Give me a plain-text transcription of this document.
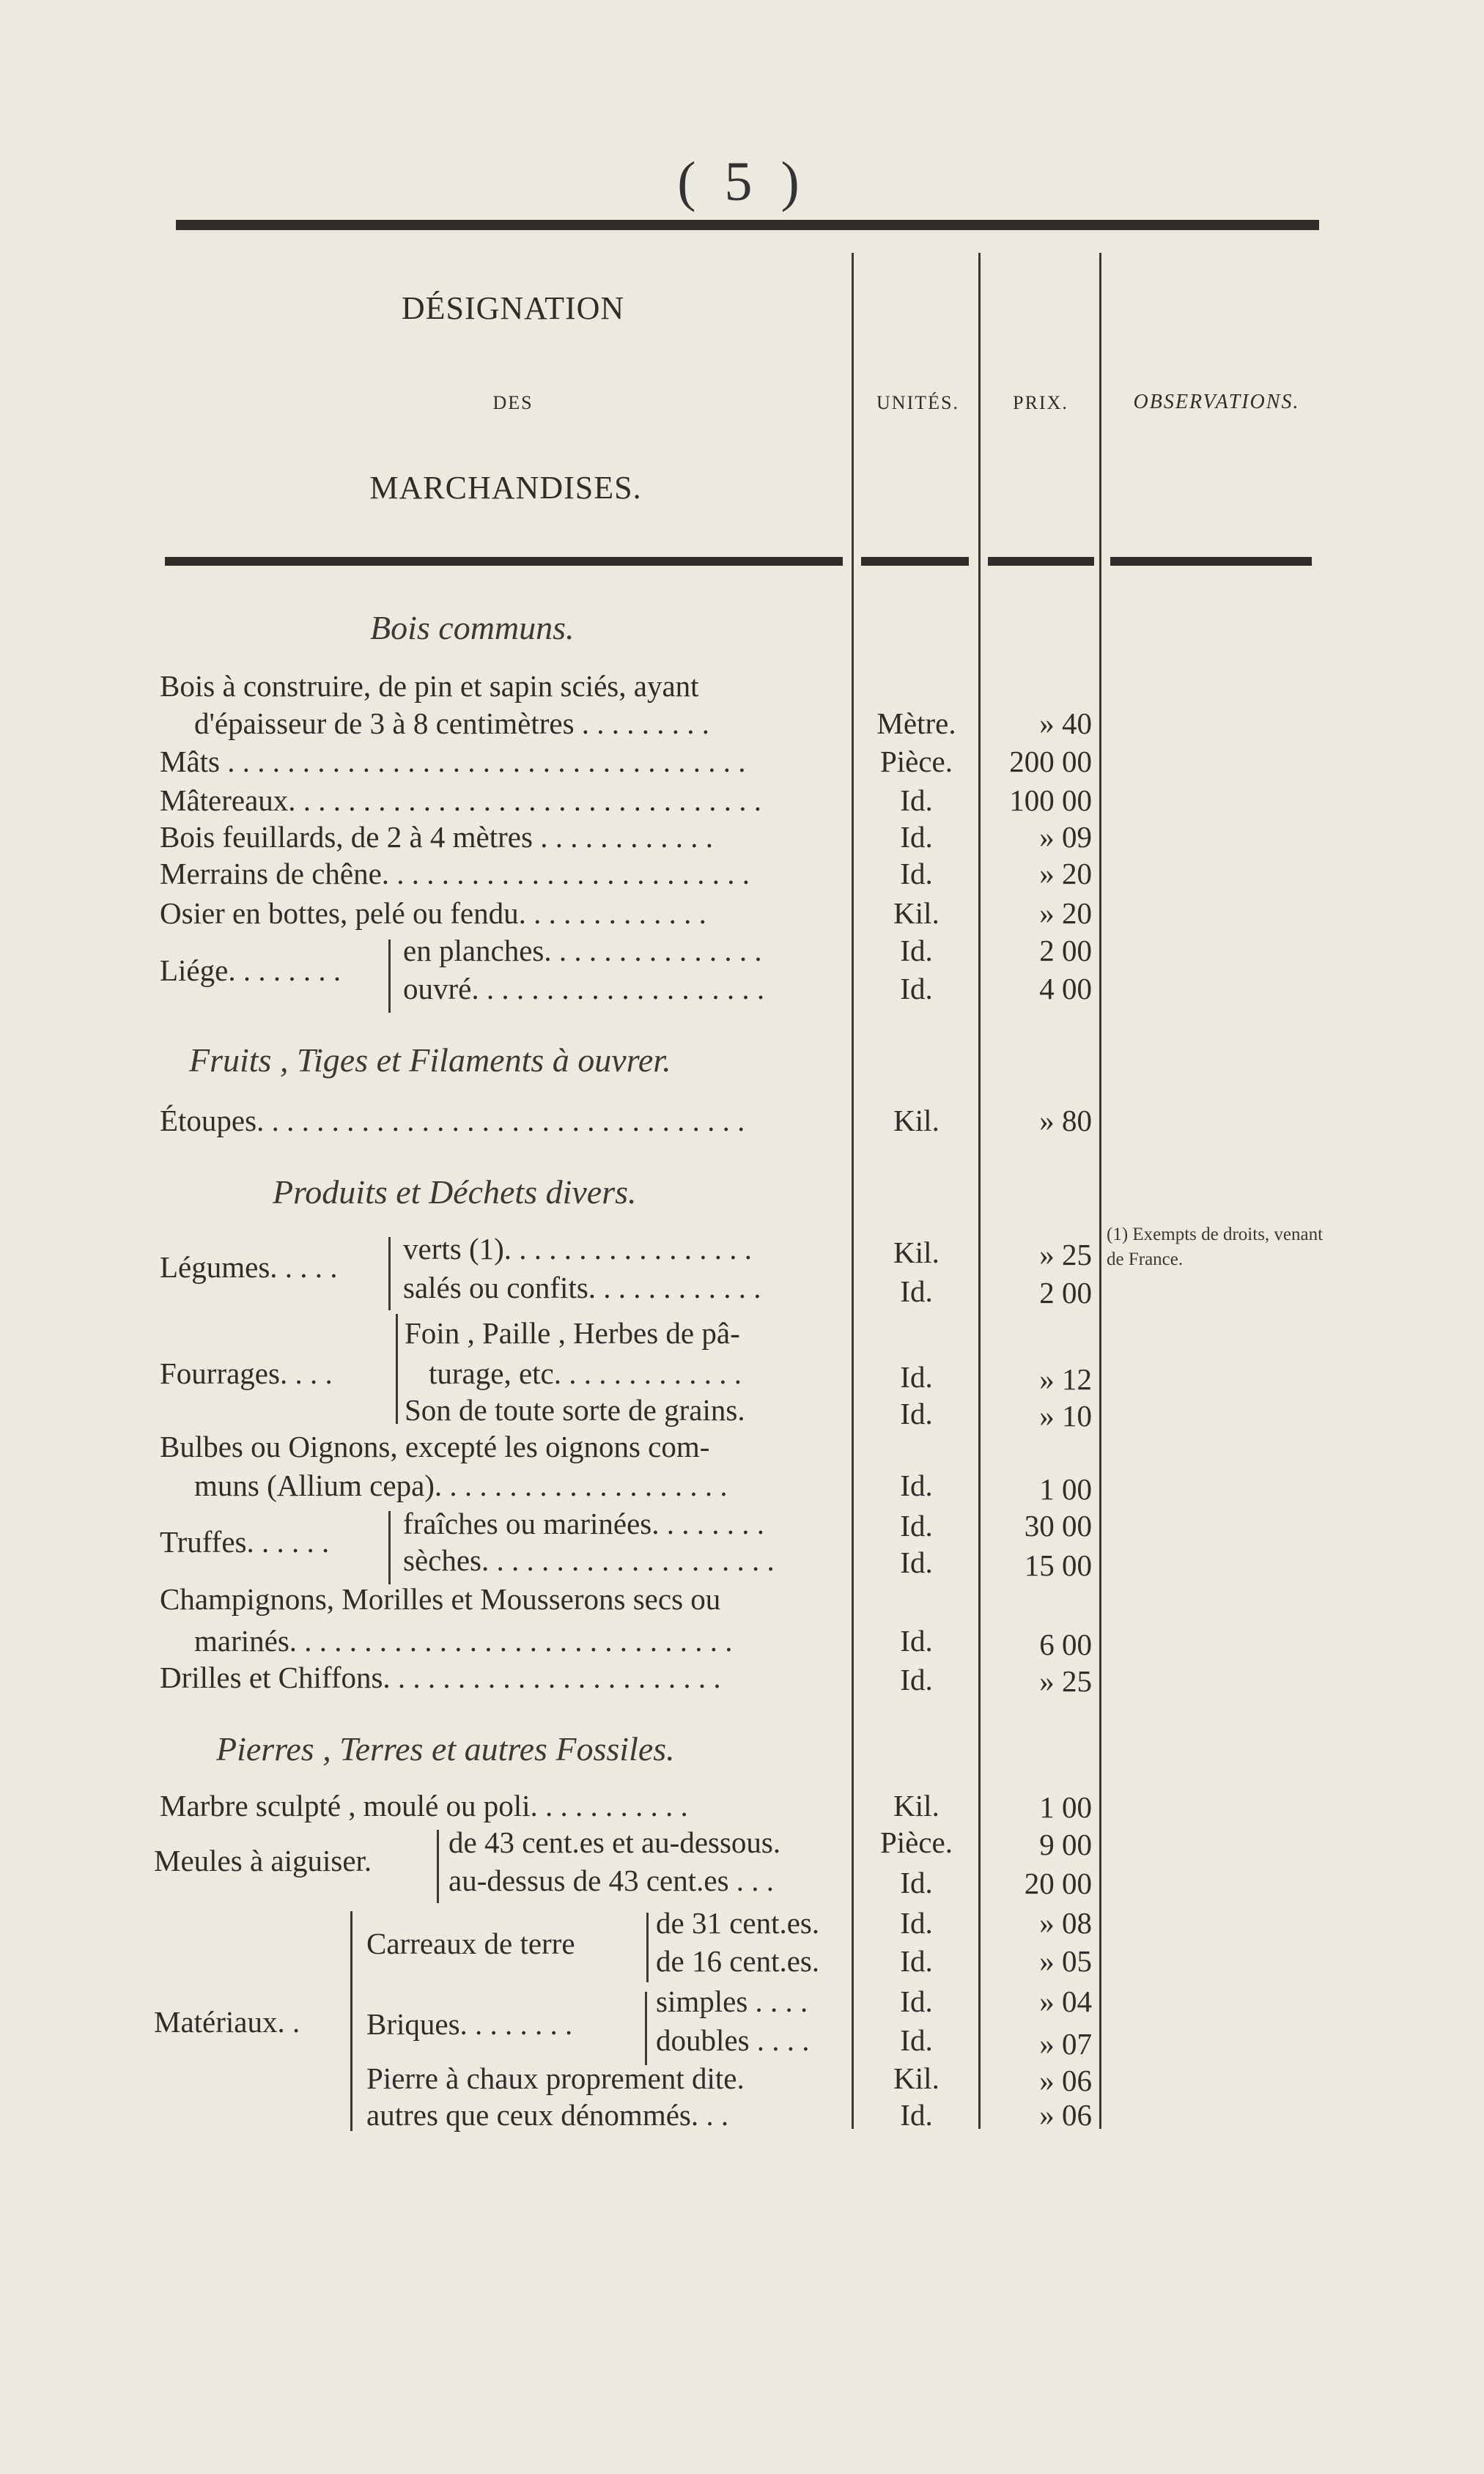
( 5 )
DÉSIGNATION
DES
MARCHANDISES.
UNITÉS.	PRIX.	OBSERVATIONS.
Bois communs.
Bois à construire, de pin et sapin sciés, ayant
d'épaisseur de 3 à 8 centimètres . . . . . . . . .	Mètre.	» 40
Mâts . . . . . . . . . . . . . . . . . . . . . . . . . . . . . . . . . . .	Pièce.	200 00
Mâtereaux. . . . . . . . . . . . . . . . . . . . . . . . . . . . . . . .	Id.	100 00
Bois feuillards, de 2 à 4 mètres . . . . . . . . . . . .	Id.	» 09
Merrains de chêne. . . . . . . . . . . . . . . . . . . . . . . . .	Id.	» 20
Osier en bottes, pelé ou fendu. . . . . . . . . . . . .	Kil.	» 20
Liége. . . . . . . .
en planches. . . . . . . . . . . . . . .	Id.	2 00
ouvré. . . . . . . . . . . . . . . . . . . .	Id.	4 00
Fruits , Tiges et Filaments à ouvrer.
Étoupes. . . . . . . . . . . . . . . . . . . . . . . . . . . . . . . . .	Kil.	» 80
Produits et Déchets divers.
Légumes. . . . .
verts (1). . . . . . . . . . . . . . . . .	Kil.	» 25
salés ou confits. . . . . . . . . . . .	Id.	2 00
(1) Exempts de droits, venant de France.
Fourrages. . . .
Foin , Paille , Herbes de pâ-
turage, etc. . . . . . . . . . . . .	Id.	» 12
Son de toute sorte de grains.	Id.	» 10
Bulbes ou Oignons, excepté les oignons com-
muns (Allium cepa). . . . . . . . . . . . . . . . . . . .	Id.	1 00
Truffes. . . . . .
fraîches ou marinées. . . . . . . .	Id.	30 00
sèches. . . . . . . . . . . . . . . . . . . .	Id.	15 00
Champignons, Morilles et Mousserons secs ou
marinés. . . . . . . . . . . . . . . . . . . . . . . . . . . . . .	Id.	6 00
Drilles et Chiffons. . . . . . . . . . . . . . . . . . . . . . .	Id.	» 25
Pierres , Terres et autres Fossiles.
Marbre sculpté , moulé ou poli. . . . . . . . . . .	Kil.	1 00
Meules à aiguiser.
de 43 cent.es et au-dessous.	Pièce.	9 00
au-dessus de 43 cent.es . . .	Id.	20 00
Matériaux. .
Carreaux de terre
de 31 cent.es.	Id.	» 08
de 16 cent.es.	Id.	» 05
Briques. . . . . . . .
simples . . . .	Id.	» 04
doubles . . . .	Id.	» 07
Pierre à chaux proprement dite.	Kil.	» 06
autres que ceux dénommés. . .	Id.	» 06
